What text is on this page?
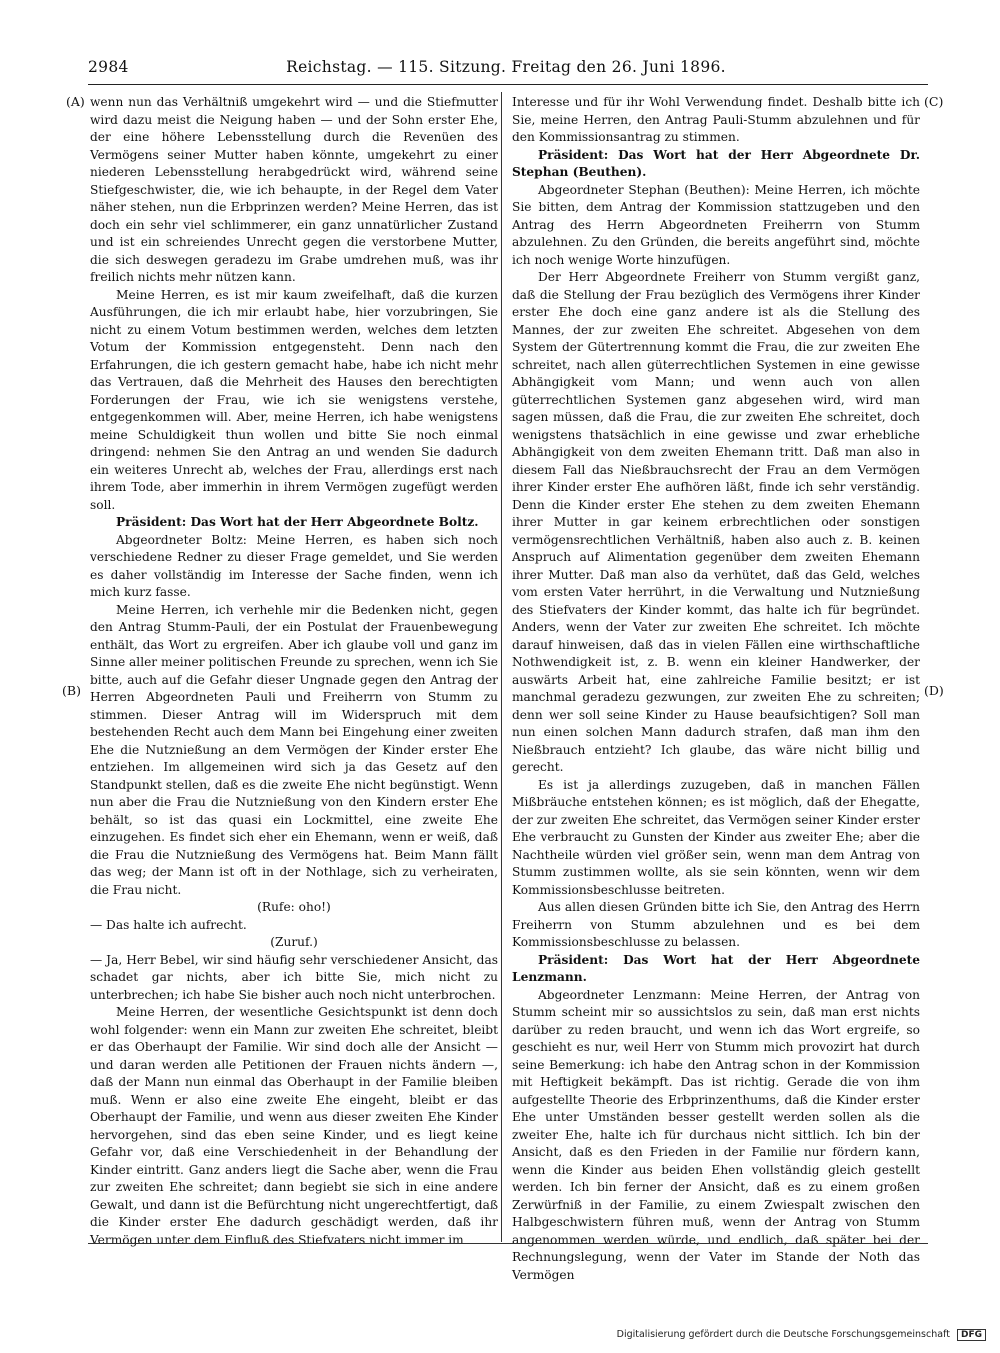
2984	Reichstag. — 115. Sitzung. Freitag den 26. Juni 1896.
(A)
(B)
(C)
(D)

wenn nun das Verhältniß umgekehrt wird — und die Stiefmutter wird dazu meist die Neigung haben — und der Sohn erster Ehe, der eine höhere Lebensstellung durch die Revenüen des Vermögens seiner Mutter haben könnte, umgekehrt zu einer niederen Lebensstellung herabgedrückt wird, während seine Stiefgeschwister, die, wie ich behaupte, in der Regel dem Vater näher stehen, nun die Erbprinzen werden? Meine Herren, das ist doch ein sehr viel schlimmerer, ein ganz unnatürlicher Zustand und ist ein schreiendes Unrecht gegen die verstorbene Mutter, die sich deswegen geradezu im Grabe umdrehen muß, was ihr freilich nichts mehr nützen kann.

Meine Herren, es ist mir kaum zweifelhaft, daß die kurzen Ausführungen, die ich mir erlaubt habe, hier vorzubringen, Sie nicht zu einem Votum bestimmen werden, welches dem letzten Votum der Kommission entgegensteht. Denn nach den Erfahrungen, die ich gestern gemacht habe, habe ich nicht mehr das Vertrauen, daß die Mehrheit des Hauses den berechtigten Forderungen der Frau, wie ich sie wenigstens verstehe, entgegenkommen will. Aber, meine Herren, ich habe wenigstens meine Schuldigkeit thun wollen und bitte Sie noch einmal dringend: nehmen Sie den Antrag an und wenden Sie dadurch ein weiteres Unrecht ab, welches der Frau, allerdings erst nach ihrem Tode, aber immerhin in ihrem Vermögen zugefügt werden soll.

Präsident: Das Wort hat der Herr Abgeordnete Boltz.

Abgeordneter Boltz: Meine Herren, es haben sich noch verschiedene Redner zu dieser Frage gemeldet, und Sie werden es daher vollständig im Interesse der Sache finden, wenn ich mich kurz fasse.

Meine Herren, ich verhehle mir die Bedenken nicht, gegen den Antrag Stumm-Pauli, der ein Postulat der Frauenbewegung enthält, das Wort zu ergreifen. Aber ich glaube voll und ganz im Sinne aller meiner politischen Freunde zu sprechen, wenn ich Sie bitte, auch auf die Gefahr dieser Ungnade gegen den Antrag der Herren Abgeordneten Pauli und Freiherrn von Stumm zu stimmen. Dieser Antrag will im Widerspruch mit dem bestehenden Recht auch dem Mann bei Eingehung einer zweiten Ehe die Nutznießung an dem Vermögen der Kinder erster Ehe entziehen. Im allgemeinen wird sich ja das Gesetz auf den Standpunkt stellen, daß es die zweite Ehe nicht begünstigt. Wenn nun aber die Frau die Nutznießung von den Kindern erster Ehe behält, so ist das quasi ein Lockmittel, eine zweite Ehe einzugehen. Es findet sich eher ein Ehemann, wenn er weiß, daß die Frau die Nutznießung des Vermögens hat. Beim Mann fällt das weg; der Mann ist oft in der Nothlage, sich zu verheiraten, die Frau nicht.

(Rufe: oho!)

— Das halte ich aufrecht.

(Zuruf.)

— Ja, Herr Bebel, wir sind häufig sehr verschiedener Ansicht, das schadet gar nichts, aber ich bitte Sie, mich nicht zu unterbrechen; ich habe Sie bisher auch noch nicht unterbrochen.

Meine Herren, der wesentliche Gesichtspunkt ist denn doch wohl folgender: wenn ein Mann zur zweiten Ehe schreitet, bleibt er das Oberhaupt der Familie. Wir sind doch alle der Ansicht — und daran werden alle Petitionen der Frauen nichts ändern —, daß der Mann nun einmal das Oberhaupt in der Familie bleiben muß. Wenn er also eine zweite Ehe eingeht, bleibt er das Oberhaupt der Familie, und wenn aus dieser zweiten Ehe Kinder hervorgehen, sind das eben seine Kinder, und es liegt keine Gefahr vor, daß eine Verschiedenheit in der Behandlung der Kinder eintritt. Ganz anders liegt die Sache aber, wenn die Frau zur zweiten Ehe schreitet; dann begiebt sie sich in eine andere Gewalt, und dann ist die Befürchtung nicht ungerechtfertigt, daß die Kinder erster Ehe dadurch geschädigt werden, daß ihr Vermögen unter dem Einfluß des Stiefvaters nicht immer im

Interesse und für ihr Wohl Verwendung findet. Deshalb bitte ich Sie, meine Herren, den Antrag Pauli-Stumm abzulehnen und für den Kommissionsantrag zu stimmen.

Präsident: Das Wort hat der Herr Abgeordnete Dr. Stephan (Beuthen).

Abgeordneter Stephan (Beuthen): Meine Herren, ich möchte Sie bitten, dem Antrag der Kommission stattzugeben und den Antrag des Herrn Abgeordneten Freiherrn von Stumm abzulehnen. Zu den Gründen, die bereits angeführt sind, möchte ich noch wenige Worte hinzufügen.

Der Herr Abgeordnete Freiherr von Stumm vergißt ganz, daß die Stellung der Frau bezüglich des Vermögens ihrer Kinder erster Ehe doch eine ganz andere ist als die Stellung des Mannes, der zur zweiten Ehe schreitet. Abgesehen von dem System der Gütertrennung kommt die Frau, die zur zweiten Ehe schreitet, nach allen güterrechtlichen Systemen in eine gewisse Abhängigkeit vom Mann; und wenn auch von allen güterrechtlichen Systemen ganz abgesehen wird, wird man sagen müssen, daß die Frau, die zur zweiten Ehe schreitet, doch wenigstens thatsächlich in eine gewisse und zwar erhebliche Abhängigkeit von dem zweiten Ehemann tritt. Daß man also in diesem Fall das Nießbrauchsrecht der Frau an dem Vermögen ihrer Kinder erster Ehe aufhören läßt, finde ich sehr verständig. Denn die Kinder erster Ehe stehen zu dem zweiten Ehemann ihrer Mutter in gar keinem erbrechtlichen oder sonstigen vermögensrechtlichen Verhältniß, haben also auch z. B. keinen Anspruch auf Alimentation gegenüber dem zweiten Ehemann ihrer Mutter. Daß man also da verhütet, daß das Geld, welches vom ersten Vater herrührt, in die Verwaltung und Nutznießung des Stiefvaters der Kinder kommt, das halte ich für begründet. Anders, wenn der Vater zur zweiten Ehe schreitet. Ich möchte darauf hinweisen, daß das in vielen Fällen eine wirthschaftliche Nothwendigkeit ist, z. B. wenn ein kleiner Handwerker, der auswärts Arbeit hat, eine zahlreiche Familie besitzt; er ist manchmal geradezu gezwungen, zur zweiten Ehe zu schreiten; denn wer soll seine Kinder zu Hause beaufsichtigen? Soll man nun einen solchen Mann dadurch strafen, daß man ihm den Nießbrauch entzieht? Ich glaube, das wäre nicht billig und gerecht.

Es ist ja allerdings zuzugeben, daß in manchen Fällen Mißbräuche entstehen können; es ist möglich, daß der Ehegatte, der zur zweiten Ehe schreitet, das Vermögen seiner Kinder erster Ehe verbraucht zu Gunsten der Kinder aus zweiter Ehe; aber die Nachtheile würden viel größer sein, wenn man dem Antrag von Stumm zustimmen wollte, als sie sein könnten, wenn wir dem Kommissionsbeschlusse beitreten.

Aus allen diesen Gründen bitte ich Sie, den Antrag des Herrn Freiherrn von Stumm abzulehnen und es bei dem Kommissionsbeschlusse zu belassen.

Präsident: Das Wort hat der Herr Abgeordnete Lenzmann.

Abgeordneter Lenzmann: Meine Herren, der Antrag von Stumm scheint mir so aussichtslos zu sein, daß man erst nichts darüber zu reden braucht, und wenn ich das Wort ergreife, so geschieht es nur, weil Herr von Stumm mich provozirt hat durch seine Bemerkung: ich habe den Antrag schon in der Kommission mit Heftigkeit bekämpft. Das ist richtig. Gerade die von ihm aufgestellte Theorie des Erbprinzenthums, daß die Kinder erster Ehe unter Umständen besser gestellt werden sollen als die zweiter Ehe, halte ich für durchaus nicht sittlich. Ich bin der Ansicht, daß es den Frieden in der Familie nur fördern kann, wenn die Kinder aus beiden Ehen vollständig gleich gestellt werden. Ich bin ferner der Ansicht, daß es zu einem großen Zerwürfniß in der Familie, zu einem Zwiespalt zwischen den Halbgeschwistern führen muß, wenn der Antrag von Stumm angenommen werden würde, und endlich, daß später bei der Rechnungslegung, wenn der Vater im Stande der Noth das Vermögen

Digitalisierung gefördert durch die Deutsche Forschungsgemeinschaft DFG
